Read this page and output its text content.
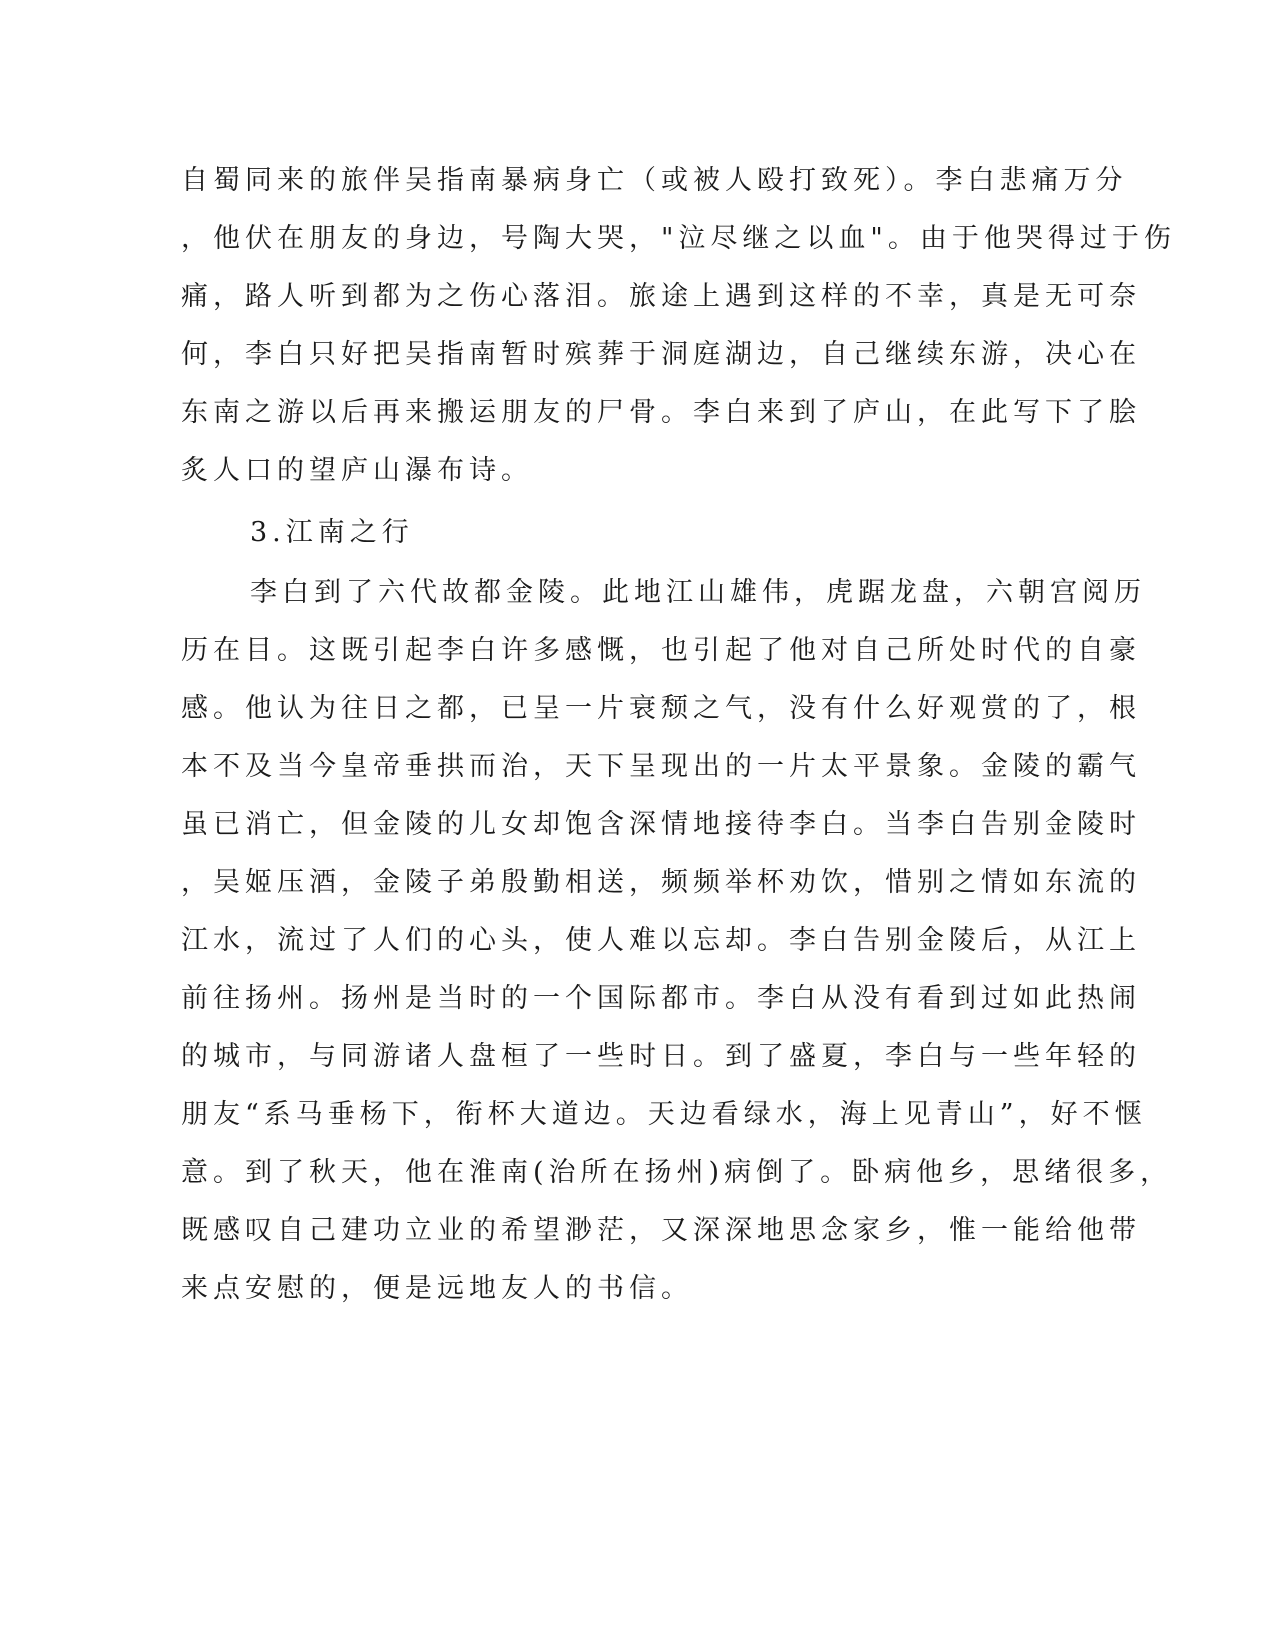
自蜀同来的旅伴吴指南暴病身亡（或被人殴打致死）。李白悲痛万分

，他伏在朋友的身边，号陶大哭，"泣尽继之以血"。由于他哭得过于伤

痛，路人听到都为之伤心落泪。旅途上遇到这样的不幸，真是无可奈

何，李白只好把吴指南暂时殡葬于洞庭湖边，自己继续东游，决心在

东南之游以后再来搬运朋友的尸骨。李白来到了庐山，在此写下了脍

炙人口的望庐山瀑布诗。

3.江南之行

李白到了六代故都金陵。此地江山雄伟，虎踞龙盘，六朝宫阅历

历在目。这既引起李白许多感慨，也引起了他对自己所处时代的自豪

感。他认为往日之都，已呈一片衰颓之气，没有什么好观赏的了，根

本不及当今皇帝垂拱而治，天下呈现出的一片太平景象。金陵的霸气

虽已消亡，但金陵的儿女却饱含深情地接待李白。当李白告别金陵时

，吴姬压酒，金陵子弟殷勤相送，频频举杯劝饮，惜别之情如东流的

江水，流过了人们的心头，使人难以忘却。李白告别金陵后，从江上

前往扬州。扬州是当时的一个国际都市。李白从没有看到过如此热闹

的城市，与同游诸人盘桓了一些时日。到了盛夏，李白与一些年轻的

朋友“系马垂杨下，衔杯大道边。天边看绿水，海上见青山”，好不惬

意。到了秋天，他在淮南(治所在扬州)病倒了。卧病他乡，思绪很多，

既感叹自己建功立业的希望渺茫，又深深地思念家乡，惟一能给他带

来点安慰的，便是远地友人的书信。
